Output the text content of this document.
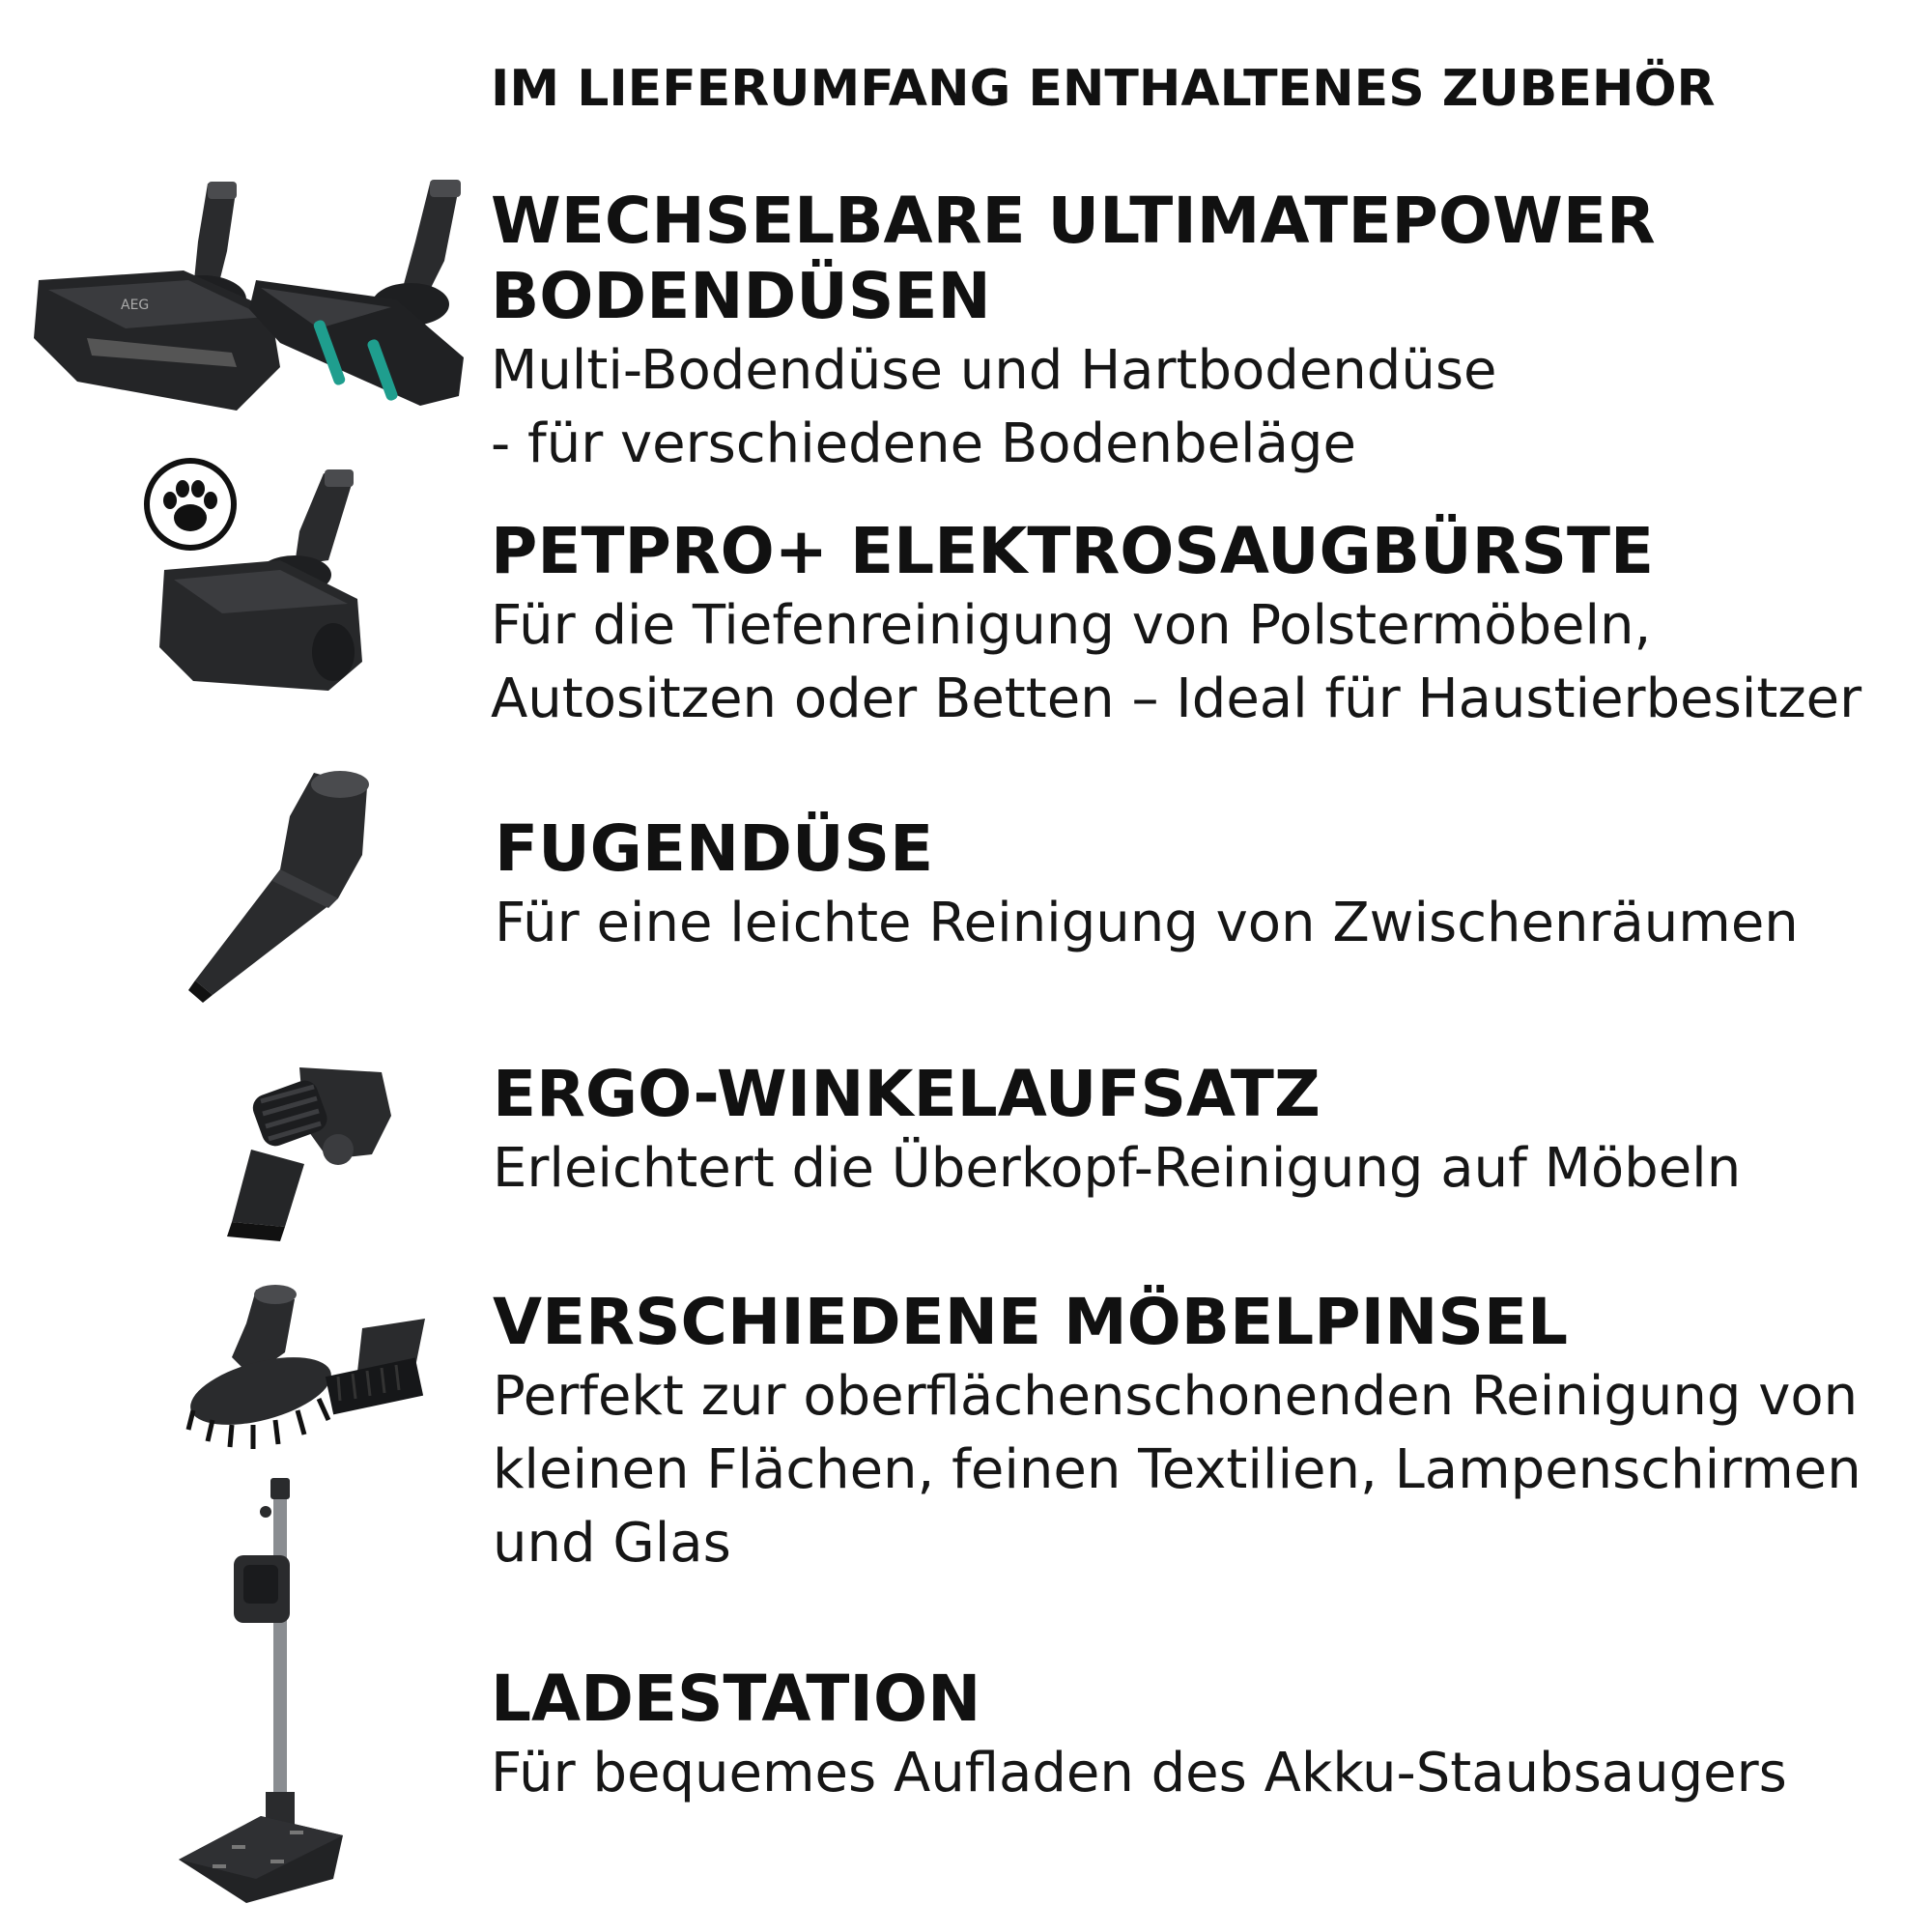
IM LIEFERUMFANG ENTHALTENES ZUBEHÖR

WECHSELBARE ULTIMATEPOWER
BODENDÜSEN

Multi-Bodendüse und Hartbodendüse
- für verschiedene Bodenbeläge

PETPRO+ ELEKTROSAUGBÜRSTE

Für die Tiefenreinigung von Polstermöbeln,
Autositzen oder Betten – Ideal für Haustierbesitzer

FUGENDÜSE

Für eine leichte Reinigung von Zwischenräumen

ERGO-WINKELAUFSATZ

Erleichtert die Überkopf-Reinigung auf Möbeln

VERSCHIEDENE MÖBELPINSEL

Perfekt zur oberflächenschonenden Reinigung von
kleinen Flächen, feinen Textilien, Lampenschirmen
und Glas

LADESTATION

Für bequemes Aufladen des Akku-Staubsaugers

AEG
